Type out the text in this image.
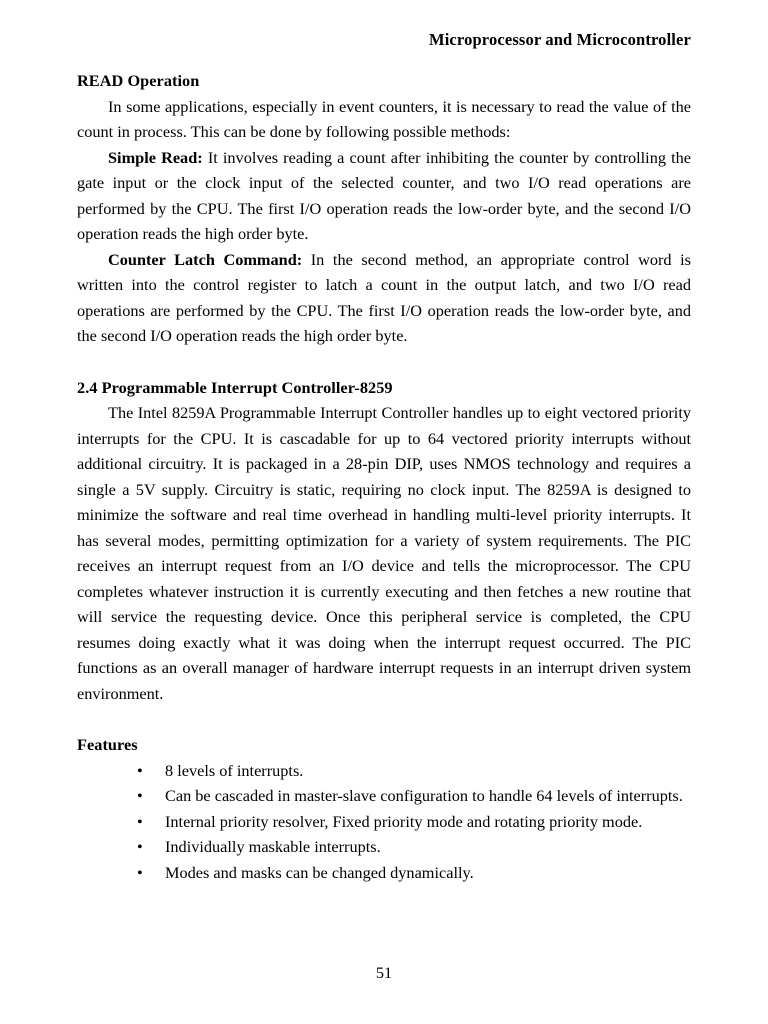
Microprocessor and Microcontroller
READ Operation

In some applications, especially in event counters, it is necessary to read the value of the count in process. This can be done by following possible methods:

Simple Read: It involves reading a count after inhibiting the counter by controlling the gate input or the clock input of the selected counter, and two I/O read operations are performed by the CPU. The first I/O operation reads the low-order byte, and the second I/O operation reads the high order byte.

Counter Latch Command: In the second method, an appropriate control word is written into the control register to latch a count in the output latch, and two I/O read operations are performed by the CPU. The first I/O operation reads the low-order byte, and the second I/O operation reads the high order byte.

2.4 Programmable Interrupt Controller-8259

The Intel 8259A Programmable Interrupt Controller handles up to eight vectored priority interrupts for the CPU. It is cascadable for up to 64 vectored priority interrupts without additional circuitry. It is packaged in a 28-pin DIP, uses NMOS technology and requires a single a 5V supply. Circuitry is static, requiring no clock input. The 8259A is designed to minimize the software and real time overhead in handling multi-level priority interrupts. It has several modes, permitting optimization for a variety of system requirements. The PIC receives an interrupt request from an I/O device and tells the microprocessor. The CPU completes whatever instruction it is currently executing and then fetches a new routine that will service the requesting device. Once this peripheral service is completed, the CPU resumes doing exactly what it was doing when the interrupt request occurred. The PIC functions as an overall manager of hardware interrupt requests in an interrupt driven system environment.

Features
• 8 levels of interrupts.
• Can be cascaded in master-slave configuration to handle 64 levels of interrupts.
• Internal priority resolver, Fixed priority mode and rotating priority mode.
• Individually maskable interrupts.
• Modes and masks can be changed dynamically.
51
